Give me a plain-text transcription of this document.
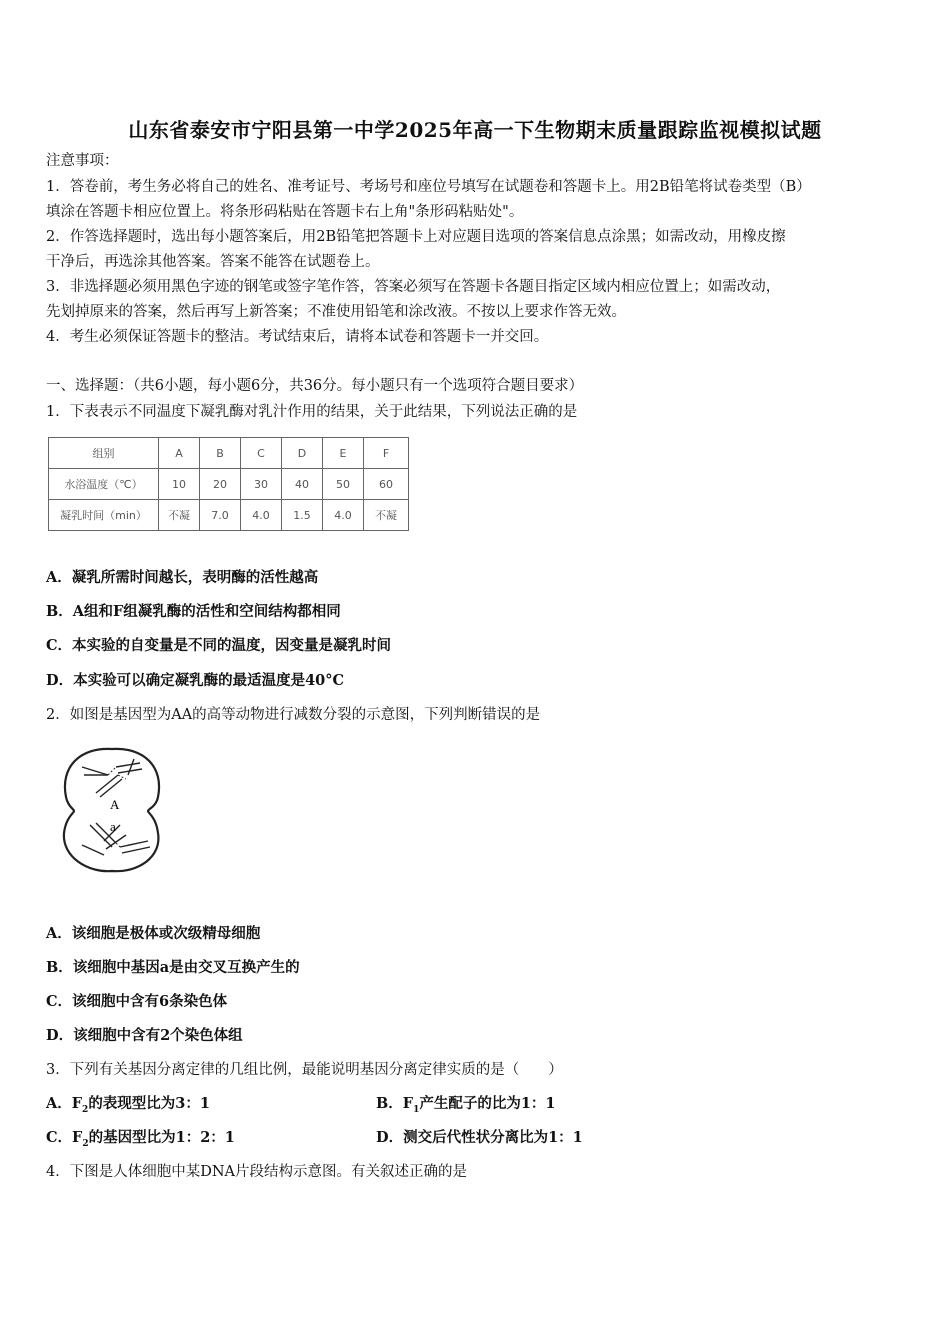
山东省泰安市宁阳县第一中学2025年高一下生物期末质量跟踪监视模拟试题
注意事项：
1．答卷前，考生务必将自己的姓名、准考证号、考场号和座位号填写在试题卷和答题卡上。用2B铅笔将试卷类型（B）
填涂在答题卡相应位置上。将条形码粘贴在答题卡右上角"条形码粘贴处"。
2．作答选择题时，选出每小题答案后，用2B铅笔把答题卡上对应题目选项的答案信息点涂黑；如需改动，用橡皮擦
干净后，再选涂其他答案。答案不能答在试题卷上。
3．非选择题必须用黑色字迹的钢笔或签字笔作答，答案必须写在答题卡各题目指定区域内相应位置上；如需改动，
先划掉原来的答案，然后再写上新答案；不准使用铅笔和涂改液。不按以上要求作答无效。
4．考生必须保证答题卡的整洁。考试结束后，请将本试卷和答题卡一并交回。
一、选择题：（共6小题，每小题6分，共36分。每小题只有一个选项符合题目要求）
1．下表表示不同温度下凝乳酶对乳汁作用的结果，关于此结果，下列说法正确的是
组别	A	B	C	D	E	F
水浴温度（℃）	10	20	30	40	50	60
凝乳时间（min）	不凝	7.0	4.0	1.5	4.0	不凝
A．凝乳所需时间越长，表明酶的活性越高
B．A组和F组凝乳酶的活性和空间结构都相同
C．本实验的自变量是不同的温度，因变量是凝乳时间
D．本实验可以确定凝乳酶的最适温度是40°C
2．如图是基因型为AA的高等动物进行减数分裂的示意图，下列判断错误的是
A
a
A．该细胞是极体或次级精母细胞
B．该细胞中基因a是由交叉互换产生的
C．该细胞中含有6条染色体
D．该细胞中含有2个染色体组
3．下列有关基因分离定律的几组比例，最能说明基因分离定律实质的是（　　）
A．$F_2$的表现型比为3：1	B．$F_1$产生配子的比为1：1
C．$F_2$的基因型比为1：2：1	D．测交后代性状分离比为1：1
4．下图是人体细胞中某DNA片段结构示意图。有关叙述正确的是
